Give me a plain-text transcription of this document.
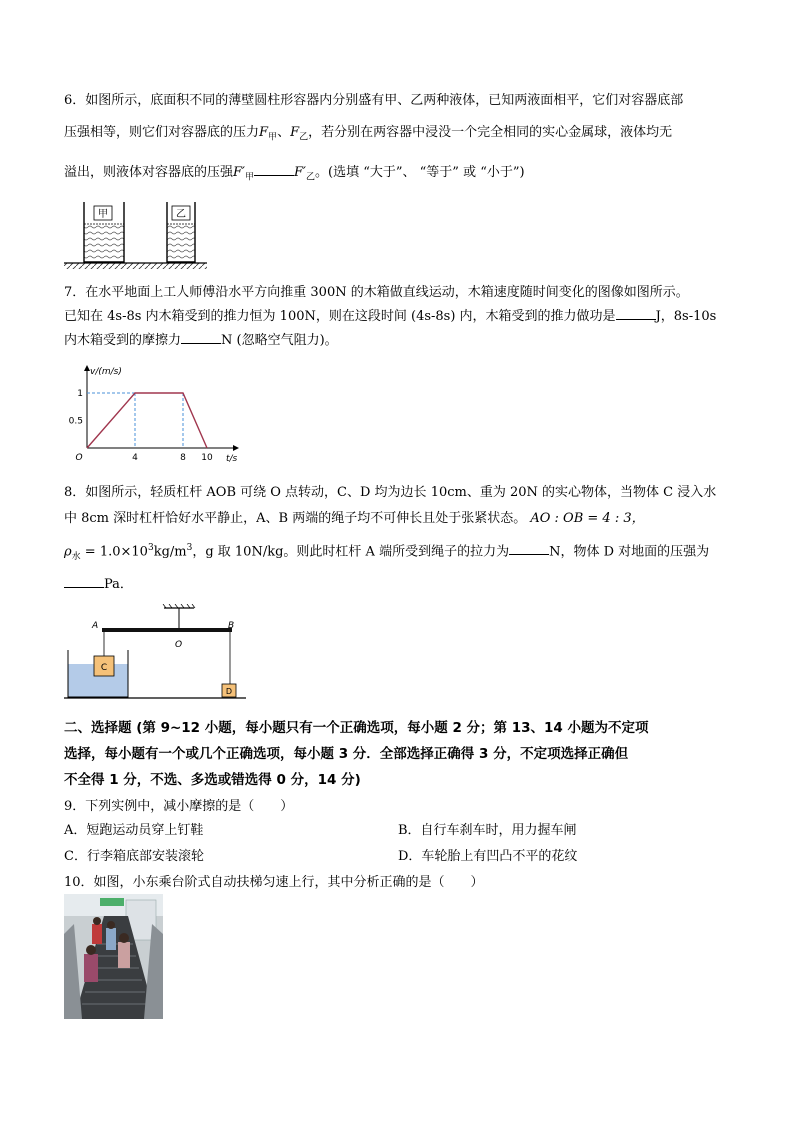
6．如图所示，底面积不同的薄壁圆柱形容器内分别盛有甲、乙两种液体，已知两液面相平，它们对容器底部
压强相等，则它们对容器底的压力$F_甲$、$F_乙$，若分别在两容器中浸没一个完全相同的实心金属球，液体均无
溢出，则液体对容器底的压强$F'_甲$	$F'_乙$。(选填 “大于”、 “等于” 或 “小于”)
甲	乙
7．在水平地面上工人师傅沿水平方向推重 300N 的木箱做直线运动，木箱速度随时间变化的图像如图所示。
已知在 4s-8s 内木箱受到的推力恒为 100N，则在这段时间 (4s-8s) 内，木箱受到的推力做功是	J，8s-10s
内木箱受到的摩擦力	N (忽略空气阻力)。
v/(m/s)
t/s
O	4	8 10
1
0.5
8．如图所示，轻质杠杆 AOB 可绕 O 点转动，C、D 均为边长 10cm、重为 20N 的实心物体，当物体 C 浸入水
中 8cm 深时杠杆恰好水平静止，A、B 两端的绳子均不可伸长且处于张紧状态。 AO : OB = 4 : 3，
$\rho_水 = 1.0\times 10^3kg/m^3$，g 取 10N/kg。则此时杠杆 A 端所受到绳子的拉力为	N，物体 D 对地面的压强为
Pa．
A
O
B
C
D
二、选择题 (第 9~12 小题，每小题只有一个正确选项，每小题 2 分；第 13、14 小题为不定项
选择，每小题有一个或几个正确选项，每小题 3 分．全部选择正确得 3 分，不定项选择正确但
不全得 1 分，不选、多选或错选得 0 分，14 分)
9．下列实例中，减小摩擦的是（　　）
A．短跑运动员穿上钉鞋	B．自行车刹车时，用力握车闸
C．行李箱底部安装滚轮	D．车轮胎上有凹凸不平的花纹
10．如图，小东乘台阶式自动扶梯匀速上行，其中分析正确的是（　　）
